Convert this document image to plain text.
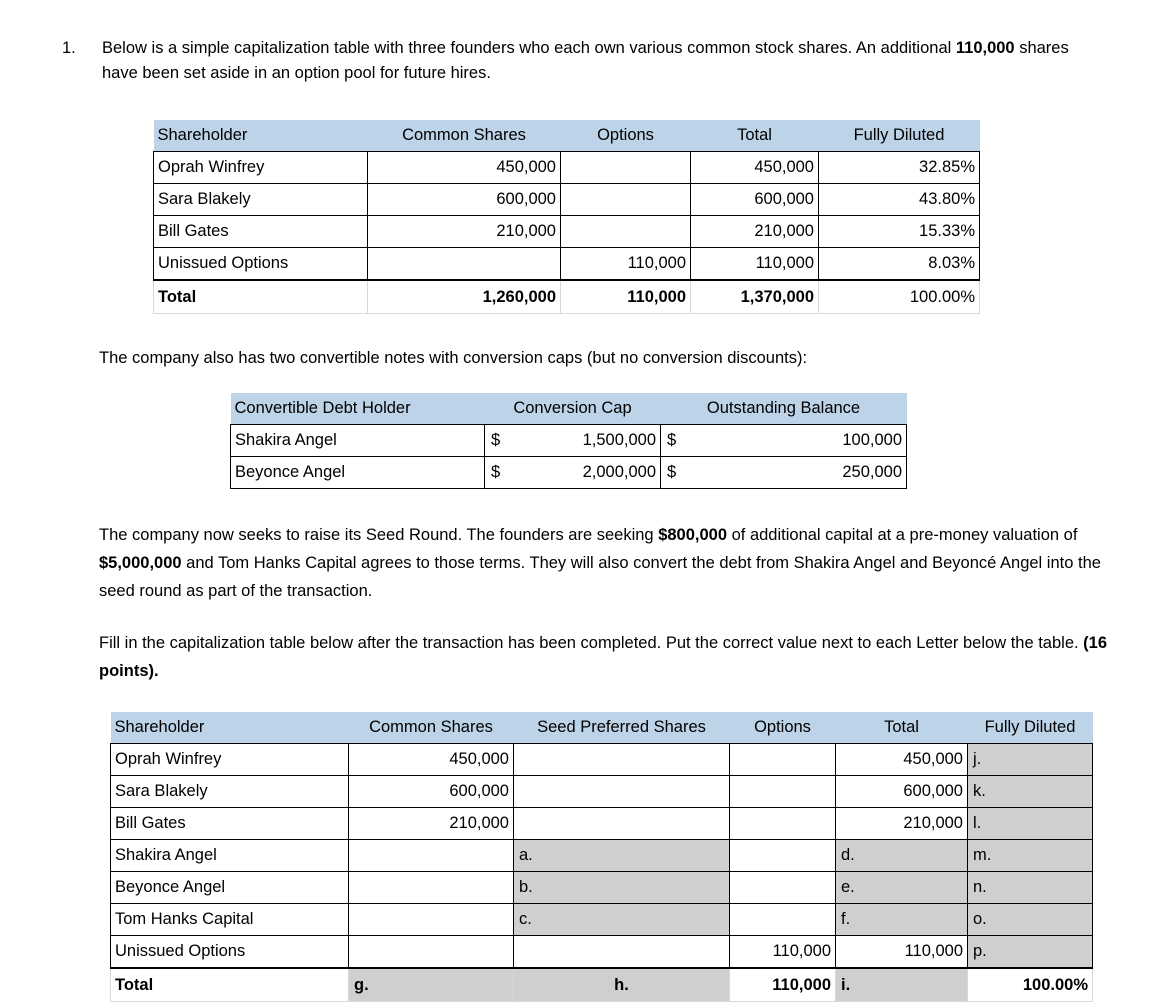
1.	Below is a simple capitalization table with three founders who each own various common stock shares. An additional 110,000 shares have been set aside in an option pool for future hires.
Shareholder	Common Shares	Options	Total	Fully Diluted
Oprah Winfrey	450,000		450,000	32.85%
Sara Blakely	600,000		600,000	43.80%
Bill Gates	210,000		210,000	15.33%
Unissued Options		110,000	110,000	8.03%
Total	1,260,000	110,000	1,370,000	100.00%
The company also has two convertible notes with conversion caps (but no conversion discounts):
Convertible Debt Holder	Conversion Cap		Outstanding Balance	
Shakira Angel	$	1,500,000	$	100,000
Beyonce Angel	$	2,000,000	$	250,000
The company now seeks to raise its Seed Round. The founders are seeking $800,000 of additional capital at a pre-money valuation of $5,000,000 and Tom Hanks Capital agrees to those terms. They will also convert the debt from Shakira Angel and Beyoncé Angel into the seed round as part of the transaction.
Fill in the capitalization table below after the transaction has been completed. Put the correct value next to each Letter below the table. (16 points).
Shareholder	Common Shares	Seed Preferred Shares	Options	Total	Fully Diluted
Oprah Winfrey	450,000			450,000	j.
Sara Blakely	600,000			600,000	k.
Bill Gates	210,000			210,000	l.
Shakira Angel		a.		d.	m.
Beyonce Angel		b.		e.	n.
Tom Hanks Capital		c.		f.	o.
Unissued Options			110,000	110,000	p.
Total	g.	h.	110,000	i.	100.00%
